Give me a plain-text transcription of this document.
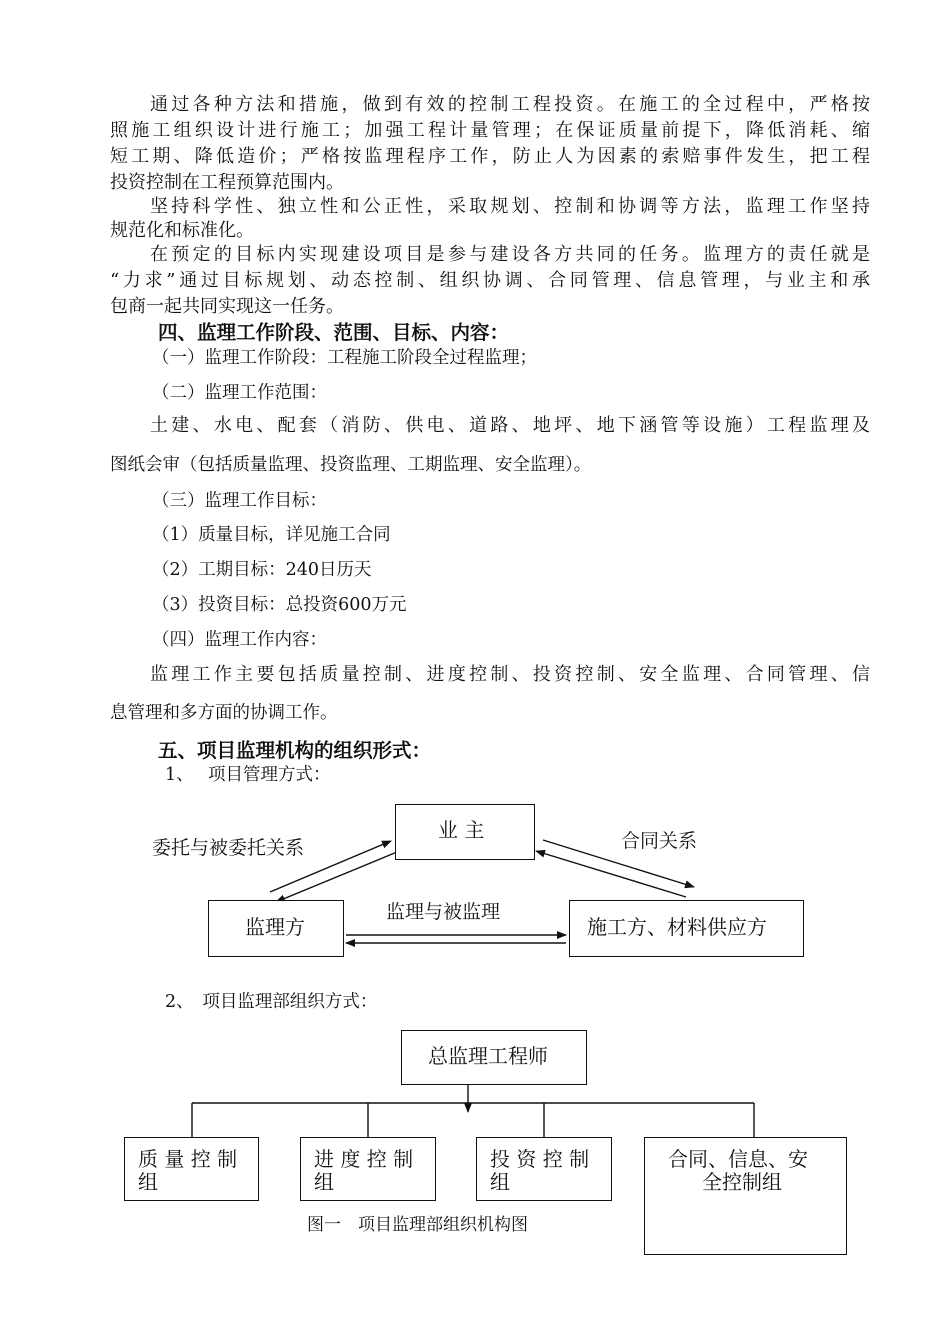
通过各种方法和措施，做到有效的控制工程投资。在施工的全过程中，严格按
照施工组织设计进行施工；加强工程计量管理；在保证质量前提下，降低消耗、缩
短工期、降低造价；严格按监理程序工作，防止人为因素的索赔事件发生，把工程
投资控制在工程预算范围内。
坚持科学性、独立性和公正性，采取规划、控制和协调等方法，监理工作坚持
规范化和标准化。
在预定的目标内实现建设项目是参与建设各方共同的任务。监理方的责任就是
“力求”通过目标规划、动态控制、组织协调、合同管理、信息管理，与业主和承
包商一起共同实现这一任务。
四、监理工作阶段、范围、目标、内容：
（一）监理工作阶段：工程施工阶段全过程监理；
（二）监理工作范围：
土建、水电、配套（消防、供电、道路、地坪、地下涵管等设施）工程监理及
图纸会审（包括质量监理、投资监理、工期监理、安全监理）。
（三）监理工作目标：
（1）质量目标，详见施工合同
（2）工期目标：240日历天
（3）投资目标：总投资600万元
（四）监理工作内容：
监理工作主要包括质量控制、进度控制、投资控制、安全监理、合同管理、信
息管理和多方面的协调工作。
五、项目监理机构的组织形式：
1、　 项目管理方式：
业 主
监理方	施工方、材料供应方
委托与被委托关系	合同关系
监理与被监理
2、　项目监理部组织方式：
总监理工程师
质 量 控 制
组
进 度 控 制
组
投 资 控 制
组
合同、信息、安
全控制组
图一　项目监理部组织机构图
